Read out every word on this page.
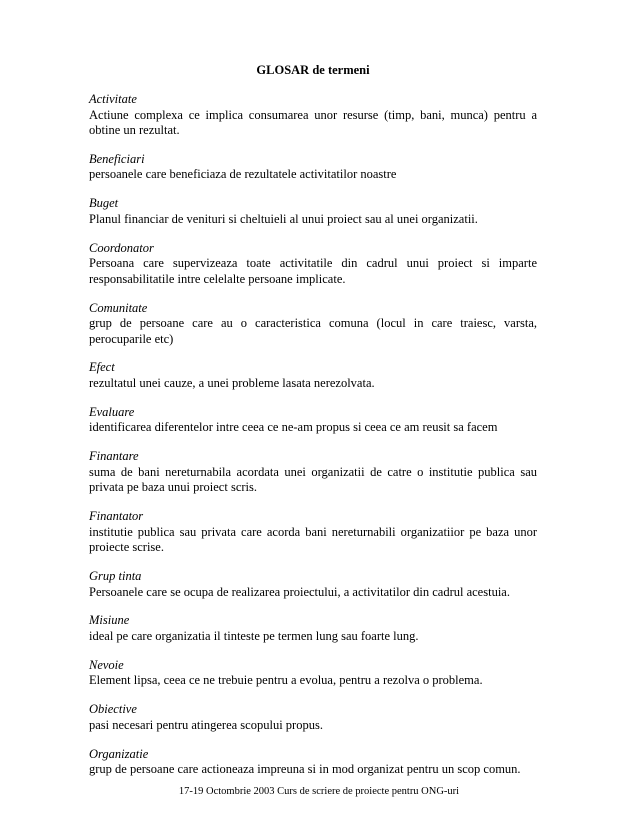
GLOSAR de termeni

Activitate

Actiune complexa ce implica consumarea unor resurse (timp, bani, munca) pentru a obtine un rezultat.

Beneficiari

persoanele care beneficiaza de rezultatele activitatilor noastre

Buget

Planul financiar de venituri si cheltuieli al unui proiect sau al unei organizatii.

Coordonator

Persoana care supervizeaza toate activitatile din cadrul unui proiect si imparte responsabilitatile intre celelalte persoane implicate.

Comunitate

grup de persoane care au o caracteristica comuna (locul in care traiesc, varsta, perocuparile etc)

Efect

rezultatul unei cauze, a unei probleme lasata nerezolvata.

Evaluare

identificarea diferentelor intre ceea ce ne-am propus si ceea ce am reusit sa facem

Finantare

suma de bani nereturnabila acordata unei organizatii de catre o institutie publica sau privata pe baza unui proiect scris.

Finantator

institutie publica sau privata care acorda bani nereturnabili organizatiior pe baza unor proiecte scrise.

Grup tinta

Persoanele care se ocupa de realizarea proiectului, a activitatilor din cadrul acestuia.

Misiune

ideal pe care organizatia il tinteste pe termen lung sau foarte lung.

Nevoie

Element lipsa, ceea ce ne trebuie pentru a evolua, pentru a rezolva o problema.

Obiective

pasi necesari pentru atingerea scopului propus.

Organizatie

grup de persoane care actioneaza impreuna si in mod organizat pentru un scop comun.

17-19 Octombrie 2003 Curs de scriere de proiecte pentru ONG-uri
